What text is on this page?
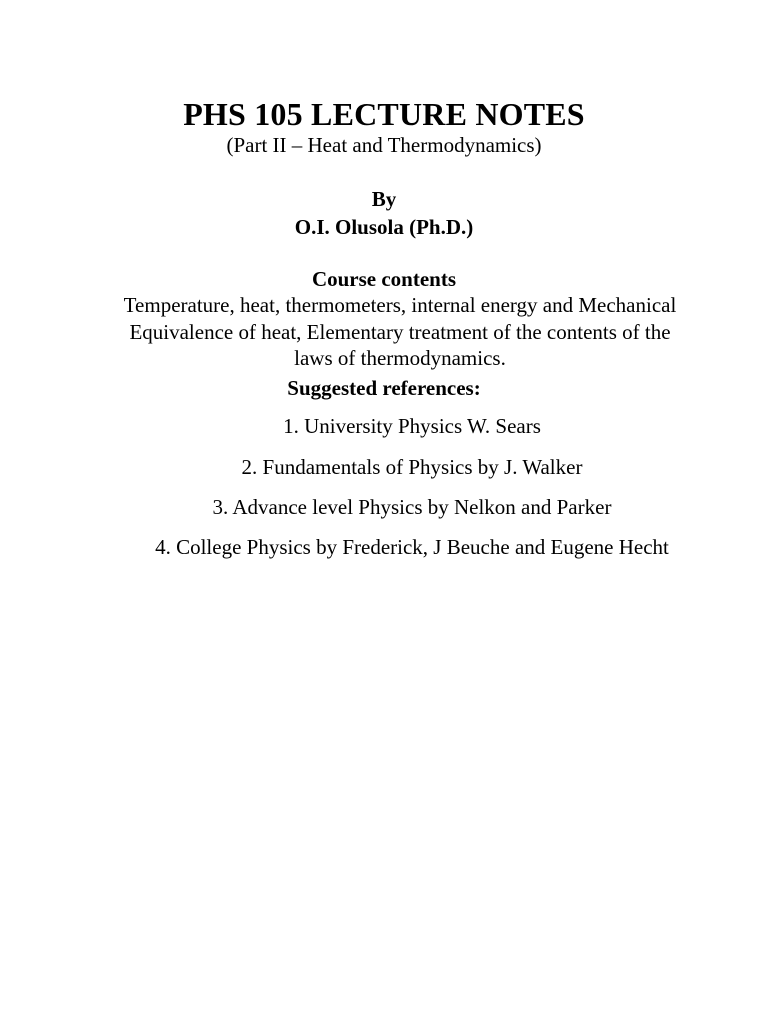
PHS 105 LECTURE NOTES
(Part II – Heat and Thermodynamics)
By
O.I. Olusola (Ph.D.)
Course contents
Temperature, heat, thermometers, internal energy and Mechanical Equivalence of heat, Elementary treatment of the contents of the laws of thermodynamics.
Suggested references:
1. University Physics W. Sears
2. Fundamentals of Physics by J. Walker
3. Advance level Physics by Nelkon and Parker
4. College Physics by Frederick, J Beuche and Eugene Hecht
